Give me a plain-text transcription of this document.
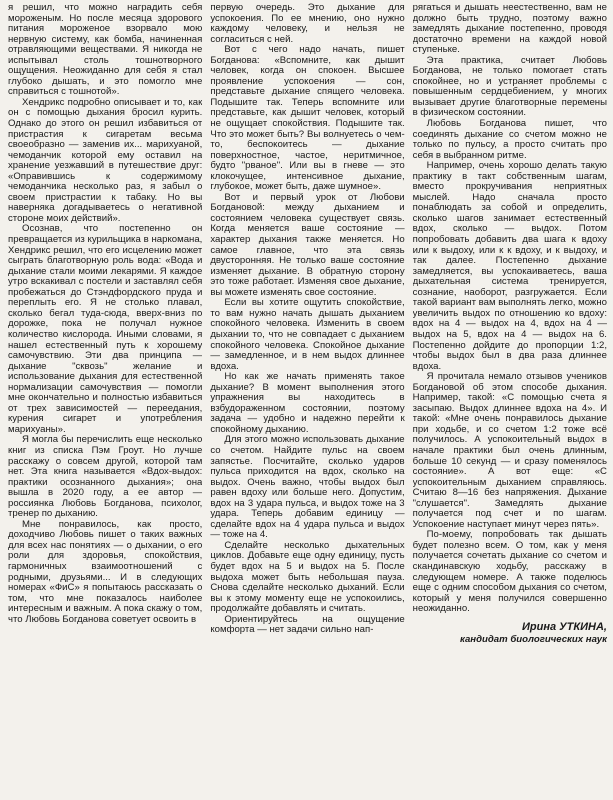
я решил, что можно наградить себя мороженым. Но после месяца здорового питания мороженое взорвало мою нервную систему, как бомба, начиненная отравляющими веществами. Я никогда не испытывал столь тошнотворного ощущения. Неожиданно для себя я стал глубоко дышать, и это помогло мне справиться с тошнотой».

Хендрикс подробно описывает и то, как он с помощью дыхания бросил курить. Однако до этого он решил избавиться от пристрастия к сигаретам весьма своеобразно — заменив их... марихуаной, чемоданчик которой ему оставил на хранение уезжавший в путешествие друг: «Оправившись к содержимому чемоданчика несколько раз, я забыл о своем пристрастии к табаку. Но вы наверняка догадываетесь о негативной стороне моих действий».

Осознав, что постепенно он превращается из курильщика в наркомана, Хендрикс решил, что его исцелению может сыграть благотворную роль вода: «Вода и дыхание стали моими лекарями. Я каждое утро вскакивал с постели и заставлял себя пробежаться до Стэндфордского пруда и переплыть его. Я не столько плавал, сколько бегал туда-сюда, вверх-вниз по дорожке, пока не получал нужное количество кислорода. Иными словами, я нашел естественный путь к хорошему самочувствию. Эти два принципа — дыхание "сквозь" желание и использование дыхания для естественной нормализации самочувствия — помогли мне окончательно и полностью избавиться от трех зависимостей — переедания, курения сигарет и употребления марихуаны».

Я могла бы перечислить еще несколько книг из списка Пэм Гроут. Но лучше расскажу о совсем другой, которой там нет. Эта книга называется «Вдох-выдох: практики осознанного дыхания»; она вышла в 2020 году, а ее автор — россиянка Любовь Богданова, психолог, тренер по дыханию.

Мне понравилось, как просто, доходчиво Любовь пишет о таких важных для всех нас понятиях — о дыхании, о его роли для здоровья, спокойствия, гармоничных взаимоотношений с родными, друзьями... И в следующих номерах «ФиС» я попытаюсь рассказать о том, что мне показалось наиболее интересным и важным. А пока скажу о том, что Любовь Богданова советует освоить в

первую очередь. Это дыхание для успокоения. По ее мнению, оно нужно каждому человеку, и нельзя не согласиться с ней.

Вот с чего надо начать, пишет Богданова: «Вспомните, как дышит человек, когда он спокоен. Высшее проявление успокоения — сон, представьте дыхание спящего человека. Подышите так. Теперь вспомните или представьте, как дышит человек, который не ощущает спокойствия. Подышите так. Что это может быть? Вы волнуетесь о чем-то, беспокоитесь — дыхание поверхностное, частое, неритмичное, будто "рваное". Или вы в гневе — это клокочущее, интенсивное дыхание, глубокое, может быть, даже шумное».

Вот и первый урок от Любови Богдановой: между дыханием и состоянием человека существует связь. Когда меняется ваше состояние — характер дыхания также меняется. Но самое главное, что эта связь двусторонняя. Не только ваше состояние изменяет дыхание. В обратную сторону это тоже работает. Изменяя свое дыхание, вы можете изменять свое состояние.

Если вы хотите ощутить спокойствие, то вам нужно начать дышать дыханием спокойного человека. Изменить в своем дыхании то, что не совпадает с дыханием спокойного человека. Спокойное дыхание — замедленное, и в нем выдох длиннее вдоха.

Но как же начать применять такое дыхание? В момент выполнения этого упражнения вы находитесь в взбудораженном состоянии, поэтому задача — удобно и надежно перейти к спокойному дыханию.

Для этого можно использовать дыхание со счетом. Найдите пульс на своем запястье. Посчитайте, сколько ударов пульса приходится на вдох, сколько на выдох. Очень важно, чтобы выдох был равен вдоху или больше него. Допустим, вдох на 3 удара пульса, и выдох тоже на 3 удара. Теперь добавим единицу — сделайте вдох на 4 удара пульса и выдох — тоже на 4.

Сделайте несколько дыхательных циклов. Добавьте еще одну единицу, пусть будет вдох на 5 и выдох на 5. После выдоха может быть небольшая пауза. Снова сделайте несколько дыханий. Если вы к этому моменту еще не успокоились, продолжайте добавлять и считать.

Ориентируйтесь на ощущение комфорта — нет задачи сильно нап-

рягаться и дышать неестественно, вам не должно быть трудно, поэтому важно замедлять дыхание постепенно, проводя достаточно времени на каждой новой ступеньке.

Эта практика, считает Любовь Богданова, не только помогает стать спокойнее, но и устраняет проблемы с повышенным сердцебиением, у многих вызывает другие благотворные перемены в физическом состоянии.

Любовь Богданова пишет, что соединять дыхание со счетом можно не только по пульсу, а просто считать про себя в выбранном ритме.

Например, очень хорошо делать такую практику в такт собственным шагам, вместо прокручивания неприятных мыслей. Надо сначала просто понаблюдать за собой и определить, сколько шагов занимает естественный вдох, сколько — выдох. Потом попробовать добавить два шага к вдоху или к выдоху, или к к вдоху, и к выдоху, и так далее. Постепенно дыхание замедляется, вы успокаиваетесь, ваша дыхательная система тренируется, сознание, наоборот, разгружается. Если такой вариант вам выполнять легко, можно увеличить выдох по отношению ко вдоху: вдох на 4 — выдох на 4, вдох на 4 — выдох на 5, вдох на 4 — выдох на 6. Постепенно дойдите до пропорции 1:2, чтобы выдох был в два раза длиннее вдоха.

Я прочитала немало отзывов учеников Богдановой об этом способе дыхания. Например, такой: «С помощью счета я засыпаю. Выдох длиннее вдоха на 4». И такой: «Мне очень понравилось дыхание при ходьбе, и со счетом 1:2 тоже всё получилось. А успокоительный выдох в начале практики был очень длинным, больше 10 секунд — и сразу поменялось состояние». А вот еще: «С успокоительным дыханием справляюсь. Считаю 8—16 без напряжения. Дыхание "слушается". Замедлять дыхание получается под счет и по шагам. Успокоение наступает минут через пять».

По-моему, попробовать так дышать будет полезно всем. О том, как у меня получается сочетать дыхание со счетом и скандинавскую ходьбу, расскажу в следующем номере. А также поделюсь еще с одним способом дыхания со счетом, который у меня получился совершенно неожиданно.

Ирина УТКИНА,
кандидат биологических наук
